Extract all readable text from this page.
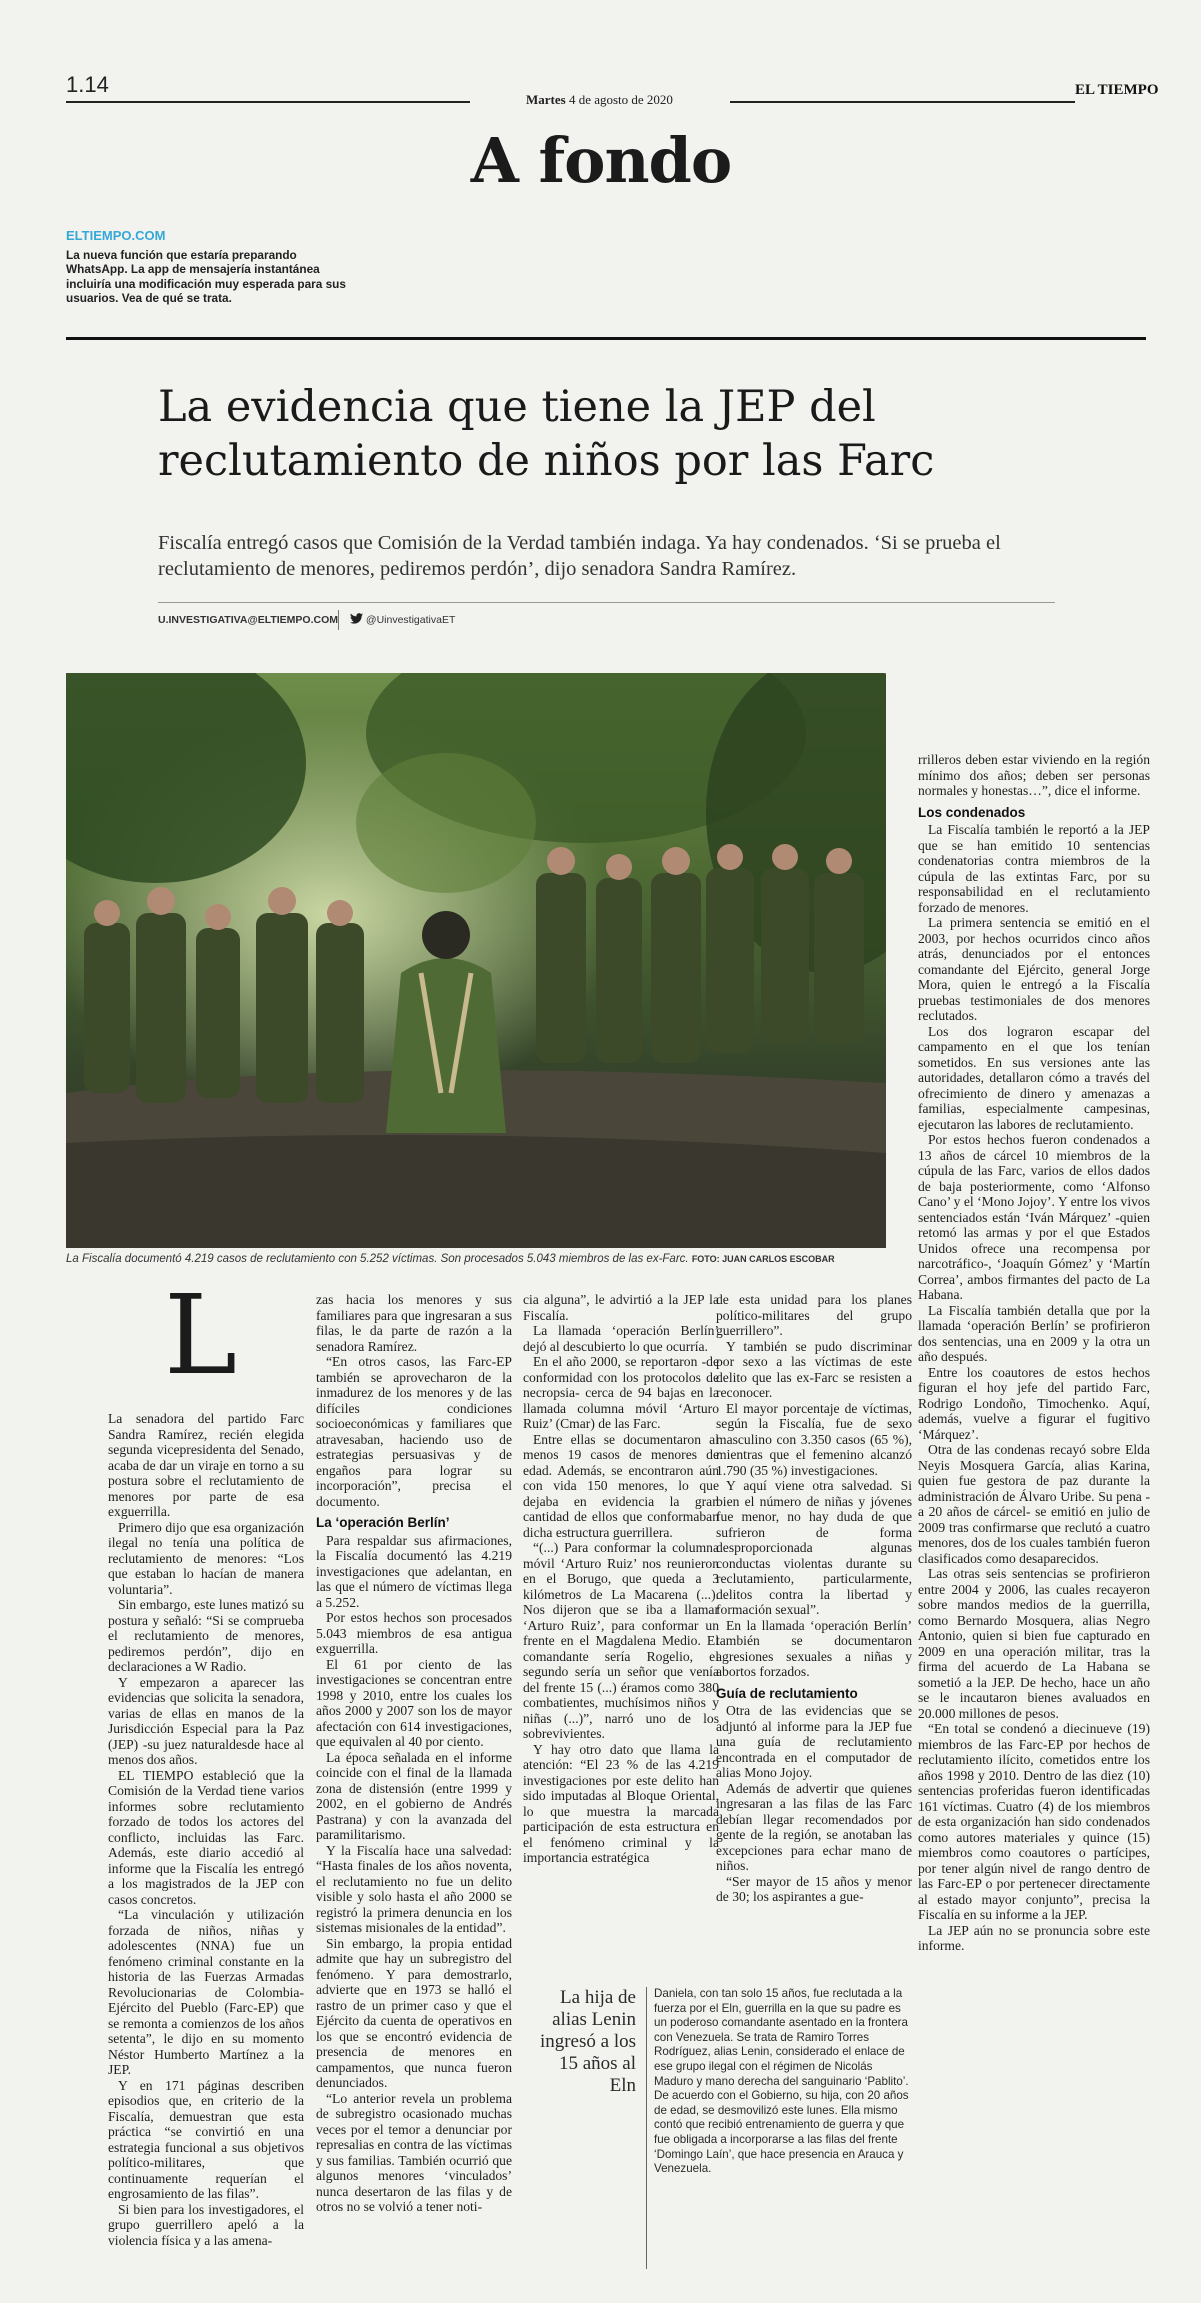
1.14
Martes 4 de agosto de 2020
EL TIEMPO
A fondo
ELTIEMPO.COM
La nueva función que estaría preparando WhatsApp. La app de mensajería instantánea incluiría una modificación muy esperada para sus usuarios. Vea de qué se trata.
La evidencia que tiene la JEP del
reclutamiento de niños por las Farc
Fiscalía entregó casos que Comisión de la Verdad también indaga. Ya hay condenados. ‘Si se prueba el reclutamiento de menores, pediremos perdón’, dijo senadora Sandra Ramírez.
U.INVESTIGATIVA@ELTIEMPO.COM	@UinvestigativaET
La Fiscalía documentó 4.219 casos de reclutamiento con 5.252 víctimas. Son procesados 5.043 miembros de las ex-Farc. FOTO: JUAN CARLOS ESCOBAR
L

La senadora del partido Farc Sandra Ramírez, recién elegida segunda vicepresidenta del Senado, acaba de dar un viraje en torno a su postura sobre el reclutamiento de menores por parte de esa exguerrilla.

Primero dijo que esa organización ilegal no tenía una política de reclutamiento de menores: “Los que estaban lo hacían de manera voluntaria”.

Sin embargo, este lunes matizó su postura y señaló: “Si se comprueba el reclutamiento de menores, pediremos perdón”, dijo en declaraciones a W Radio.

Y empezaron a aparecer las evidencias que solicita la senadora, varias de ellas en manos de la Jurisdicción Especial para la Paz (JEP) -su juez naturaldesde hace al menos dos años.

EL TIEMPO estableció que la Comisión de la Verdad tiene varios informes sobre reclutamiento forzado de todos los actores del conflicto, incluidas las Farc. Además, este diario accedió al informe que la Fiscalía les entregó a los magistrados de la JEP con casos concretos.

“La vinculación y utilización forzada de niños, niñas y adolescentes (NNA) fue un fenómeno criminal constante en la historia de las Fuerzas Armadas Revolucionarias de Colombia-Ejército del Pueblo (Farc-EP) que se remonta a comienzos de los años setenta”, le dijo en su momento Néstor Humberto Martínez a la JEP.

Y en 171 páginas describen episodios que, en criterio de la Fiscalía, demuestran que esta práctica “se convirtió en una estrategia funcional a sus objetivos político-militares, que continuamente requerían el engrosamiento de las filas”.

Si bien para los investigadores, el grupo guerrillero apeló a la violencia física y a las amena-

zas hacia los menores y sus familiares para que ingresaran a sus filas, le da parte de razón a la senadora Ramírez.

“En otros casos, las Farc-EP también se aprovecharon de la inmadurez de los menores y de las difíciles condiciones socioeconómicas y familiares que atravesaban, haciendo uso de estrategias persuasivas y de engaños para lograr su incorporación”, precisa el documento.

La ‘operación Berlín’

Para respaldar sus afirmaciones, la Fiscalía documentó las 4.219 investigaciones que adelantan, en las que el número de víctimas llega a 5.252.

Por estos hechos son procesados 5.043 miembros de esa antigua exguerrilla.

El 61 por ciento de las investigaciones se concentran entre 1998 y 2010, entre los cuales los años 2000 y 2007 son los de mayor afectación con 614 investigaciones, que equivalen al 40 por ciento.

La época señalada en el informe coincide con el final de la llamada zona de distensión (entre 1999 y 2002, en el gobierno de Andrés Pastrana) y con la avanzada del paramilitarismo.

Y la Fiscalía hace una salvedad: “Hasta finales de los años noventa, el reclutamiento no fue un delito visible y solo hasta el año 2000 se registró la primera denuncia en los sistemas misionales de la entidad”.

Sin embargo, la propia entidad admite que hay un subregistro del fenómeno. Y para demostrarlo, advierte que en 1973 se halló el rastro de un primer caso y que el Ejército da cuenta de operativos en los que se encontró evidencia de presencia de menores en campamentos, que nunca fueron denunciados.

“Lo anterior revela un problema de subregistro ocasionado muchas veces por el temor a denunciar por represalias en contra de las víctimas y sus familias. También ocurrió que algunos menores ‘vinculados’ nunca desertaron de las filas y de otros no se volvió a tener noti-

cia alguna”, le advirtió a la JEP la Fiscalía.

La llamada ‘operación Berlín’ dejó al descubierto lo que ocurría.

En el año 2000, se reportaron -de conformidad con los protocolos de necropsia- cerca de 94 bajas en la llamada columna móvil ‘Arturo Ruiz’ (Cmar) de las Farc.

Entre ellas se documentaron al menos 19 casos de menores de edad. Además, se encontraron aún con vida 150 menores, lo que dejaba en evidencia la gran cantidad de ellos que conformaban dicha estructura guerrillera.

“(...) Para conformar la columna móvil ‘Arturo Ruiz’ nos reunieron en el Borugo, que queda a 3 kilómetros de La Macarena (...). Nos dijeron que se iba a llamar ‘Arturo Ruiz’, para conformar un frente en el Magdalena Medio. El comandante sería Rogelio, el segundo sería un señor que venía del frente 15 (...) éramos como 380 combatientes, muchísimos niños y niñas (...)”, narró uno de los sobrevivientes.

Y hay otro dato que llama la atención: “El 23 % de las 4.219 investigaciones por este delito han sido imputadas al Bloque Oriental, lo que muestra la marcada participación de esta estructura en el fenómeno criminal y la importancia estratégica

de esta unidad para los planes político-militares del grupo guerrillero”.

Y también se pudo discriminar por sexo a las víctimas de este delito que las ex-Farc se resisten a reconocer.

El mayor porcentaje de víctimas, según la Fiscalía, fue de sexo masculino con 3.350 casos (65 %), mientras que el femenino alcanzó 1.790 (35 %) investigaciones.

Y aquí viene otra salvedad. Si bien el número de niñas y jóvenes fue menor, no hay duda de que sufrieron de forma desproporcionada algunas conductas violentas durante su reclutamiento, particularmente, delitos contra la libertad y formación sexual”.

En la llamada ‘operación Berlín’ también se documentaron agresiones sexuales a niñas y abortos forzados.

Guía de reclutamiento

Otra de las evidencias que se adjuntó al informe para la JEP fue una guía de reclutamiento encontrada en el computador de alias Mono Jojoy.

Además de advertir que quienes ingresaran a las filas de las Farc debían llegar recomendados por gente de la región, se anotaban las excepciones para echar mano de niños.

“Ser mayor de 15 años y menor de 30; los aspirantes a gue-

La hija de alias Lenin ingresó a los 15 años al Eln
Daniela, con tan solo 15 años, fue reclutada a la fuerza por el Eln, guerrilla en la que su padre es un poderoso comandante asentado en la frontera con Venezuela. Se trata de Ramiro Torres Rodríguez, alias Lenin, considerado el enlace de ese grupo ilegal con el régimen de Nicolás Maduro y mano derecha del sanguinario ‘Pablito’. De acuerdo con el Gobierno, su hija, con 20 años de edad, se desmovilizó este lunes. Ella mismo contó que recibió entrenamiento de guerra y que fue obligada a incorporarse a las filas del frente ‘Domingo Laín’, que hace presencia en Arauca y Venezuela.

rrilleros deben estar viviendo en la región mínimo dos años; deben ser personas normales y honestas…”, dice el informe.

Los condenados

La Fiscalía también le reportó a la JEP que se han emitido 10 sentencias condenatorias contra miembros de la cúpula de las extintas Farc, por su responsabilidad en el reclutamiento forzado de menores.

La primera sentencia se emitió en el 2003, por hechos ocurridos cinco años atrás, denunciados por el entonces comandante del Ejército, general Jorge Mora, quien le entregó a la Fiscalía pruebas testimoniales de dos menores reclutados.

Los dos lograron escapar del campamento en el que los tenían sometidos. En sus versiones ante las autoridades, detallaron cómo a través del ofrecimiento de dinero y amenazas a familias, especialmente campesinas, ejecutaron las labores de reclutamiento.

Por estos hechos fueron condenados a 13 años de cárcel 10 miembros de la cúpula de las Farc, varios de ellos dados de baja posteriormente, como ‘Alfonso Cano’ y el ‘Mono Jojoy’. Y entre los vivos sentenciados están ‘Iván Márquez’ -quien retomó las armas y por el que Estados Unidos ofrece una recompensa por narcotráfico-, ‘Joaquín Gómez’ y ‘Martín Correa’, ambos firmantes del pacto de La Habana.

La Fiscalía también detalla que por la llamada ‘operación Berlín’ se profirieron dos sentencias, una en 2009 y la otra un año después.

Entre los coautores de estos hechos figuran el hoy jefe del partido Farc, Rodrigo Londoño, Timochenko. Aquí, además, vuelve a figurar el fugitivo ‘Márquez’.

Otra de las condenas recayó sobre Elda Neyis Mosquera García, alias Karina, quien fue gestora de paz durante la administración de Álvaro Uribe. Su pena -a 20 años de cárcel- se emitió en julio de 2009 tras confirmarse que reclutó a cuatro menores, dos de los cuales también fueron clasificados como desaparecidos.

Las otras seis sentencias se profirieron entre 2004 y 2006, las cuales recayeron sobre mandos medios de la guerrilla, como Bernardo Mosquera, alias Negro Antonio, quien si bien fue capturado en 2009 en una operación militar, tras la firma del acuerdo de La Habana se sometió a la JEP. De hecho, hace un año se le incautaron bienes avaluados en 20.000 millones de pesos.

“En total se condenó a diecinueve (19) miembros de las Farc-EP por hechos de reclutamiento ilícito, cometidos entre los años 1998 y 2010. Dentro de las diez (10) sentencias proferidas fueron identificadas 161 víctimas. Cuatro (4) de los miembros de esta organización han sido condenados como autores materiales y quince (15) miembros como coautores o partícipes, por tener algún nivel de rango dentro de las Farc-EP o por pertenecer directamente al estado mayor conjunto”, precisa la Fiscalía en su informe a la JEP.

La JEP aún no se pronuncia sobre este informe.
